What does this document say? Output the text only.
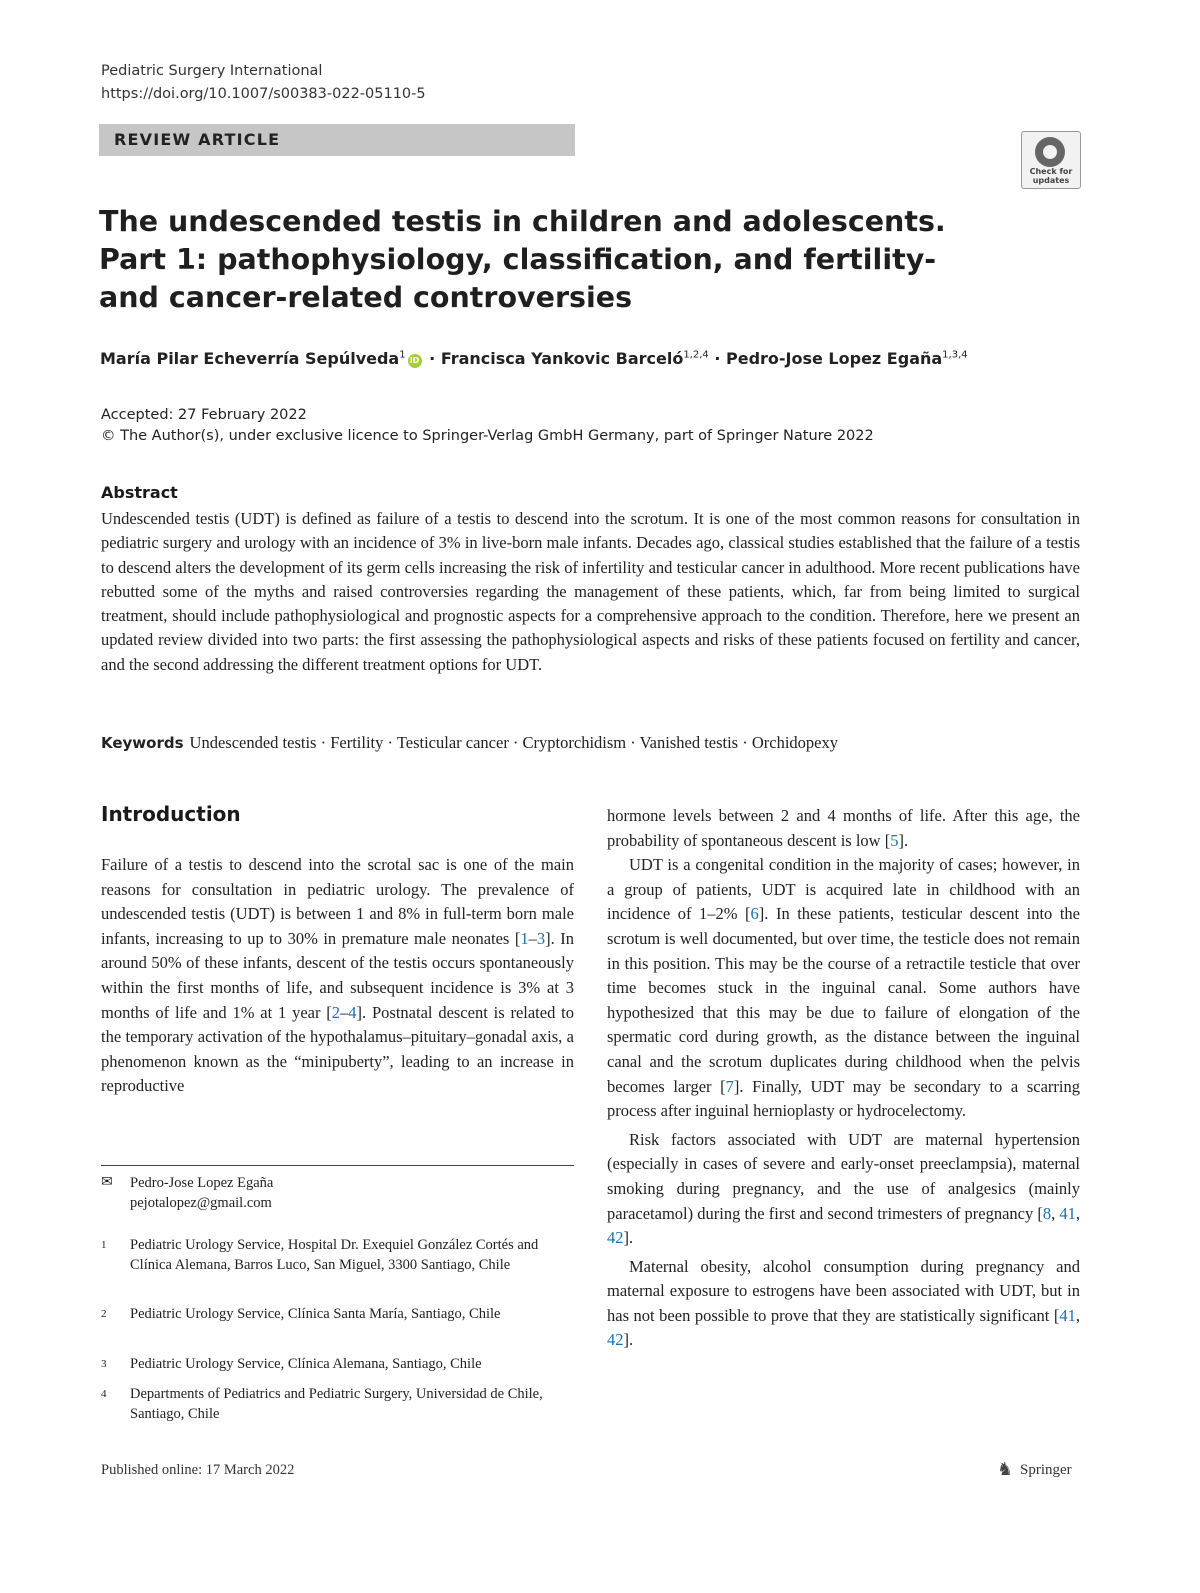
Pediatric Surgery International
https://doi.org/10.1007/s00383-022-05110-5
REVIEW ARTICLE
Check for
updates
The undescended testis in children and adolescents. Part 1: pathophysiology, classification, and fertility- and cancer-related controversies
María Pilar Echeverría Sepúlveda$^1$ iD · Francisca Yankovic Barceló$^{1,2,4}$ · Pedro-Jose Lopez Egaña$^{1,3,4}$
Accepted: 27 February 2022
© The Author(s), under exclusive licence to Springer-Verlag GmbH Germany, part of Springer Nature 2022
Abstract
Undescended testis (UDT) is defined as failure of a testis to descend into the scrotum. It is one of the most common reasons for consultation in pediatric surgery and urology with an incidence of 3% in live-born male infants. Decades ago, classical studies established that the failure of a testis to descend alters the development of its germ cells increasing the risk of infertility and testicular cancer in adulthood. More recent publications have rebutted some of the myths and raised controversies regarding the management of these patients, which, far from being limited to surgical treatment, should include pathophysiological and prognostic aspects for a comprehensive approach to the condition. Therefore, here we present an updated review divided into two parts: the first assessing the pathophysiological aspects and risks of these patients focused on fertility and cancer, and the second addressing the different treatment options for UDT.
Keywords Undescended testis · Fertility · Testicular cancer · Cryptorchidism · Vanished testis · Orchidopexy
Introduction

Failure of a testis to descend into the scrotal sac is one of the main reasons for consultation in pediatric urology. The prevalence of undescended testis (UDT) is between 1 and 8% in full-term born male infants, increasing to up to 30% in premature male neonates [1–3]. In around 50% of these infants, descent of the testis occurs spontaneously within the first months of life, and subsequent incidence is 3% at 3 months of life and 1% at 1 year [2–4]. Postnatal descent is related to the temporary activation of the hypothalamus–pituitary–gonadal axis, a phenomenon known as the “minipuberty”, leading to an increase in reproductive

hormone levels between 2 and 4 months of life. After this age, the probability of spontaneous descent is low [5].

UDT is a congenital condition in the majority of cases; however, in a group of patients, UDT is acquired late in childhood with an incidence of 1–2% [6]. In these patients, testicular descent into the scrotum is well documented, but over time, the testicle does not remain in this position. This may be the course of a retractile testicle that over time becomes stuck in the inguinal canal. Some authors have hypothesized that this may be due to failure of elongation of the spermatic cord during growth, as the distance between the inguinal canal and the scrotum duplicates during childhood when the pelvis becomes larger [7]. Finally, UDT may be secondary to a scarring process after inguinal hernioplasty or hydrocelectomy.

Risk factors associated with UDT are maternal hypertension (especially in cases of severe and early-onset preeclampsia), maternal smoking during pregnancy, and the use of analgesics (mainly paracetamol) during the first and second trimesters of pregnancy [8, 41, 42].

Maternal obesity, alcohol consumption during pregnancy and maternal exposure to estrogens have been associated with UDT, but in has not been possible to prove that they are statistically significant [41, 42].

✉ Pedro-Jose Lopez Egaña
pejotalopez@gmail.com
1 Pediatric Urology Service, Hospital Dr. Exequiel González Cortés and Clínica Alemana, Barros Luco, San Miguel, 3300 Santiago, Chile
2 Pediatric Urology Service, Clínica Santa María, Santiago, Chile
3 Pediatric Urology Service, Clínica Alemana, Santiago, Chile
4 Departments of Pediatrics and Pediatric Surgery, Universidad de Chile, Santiago, Chile
Published online: 17 March 2022	♞ Springer
